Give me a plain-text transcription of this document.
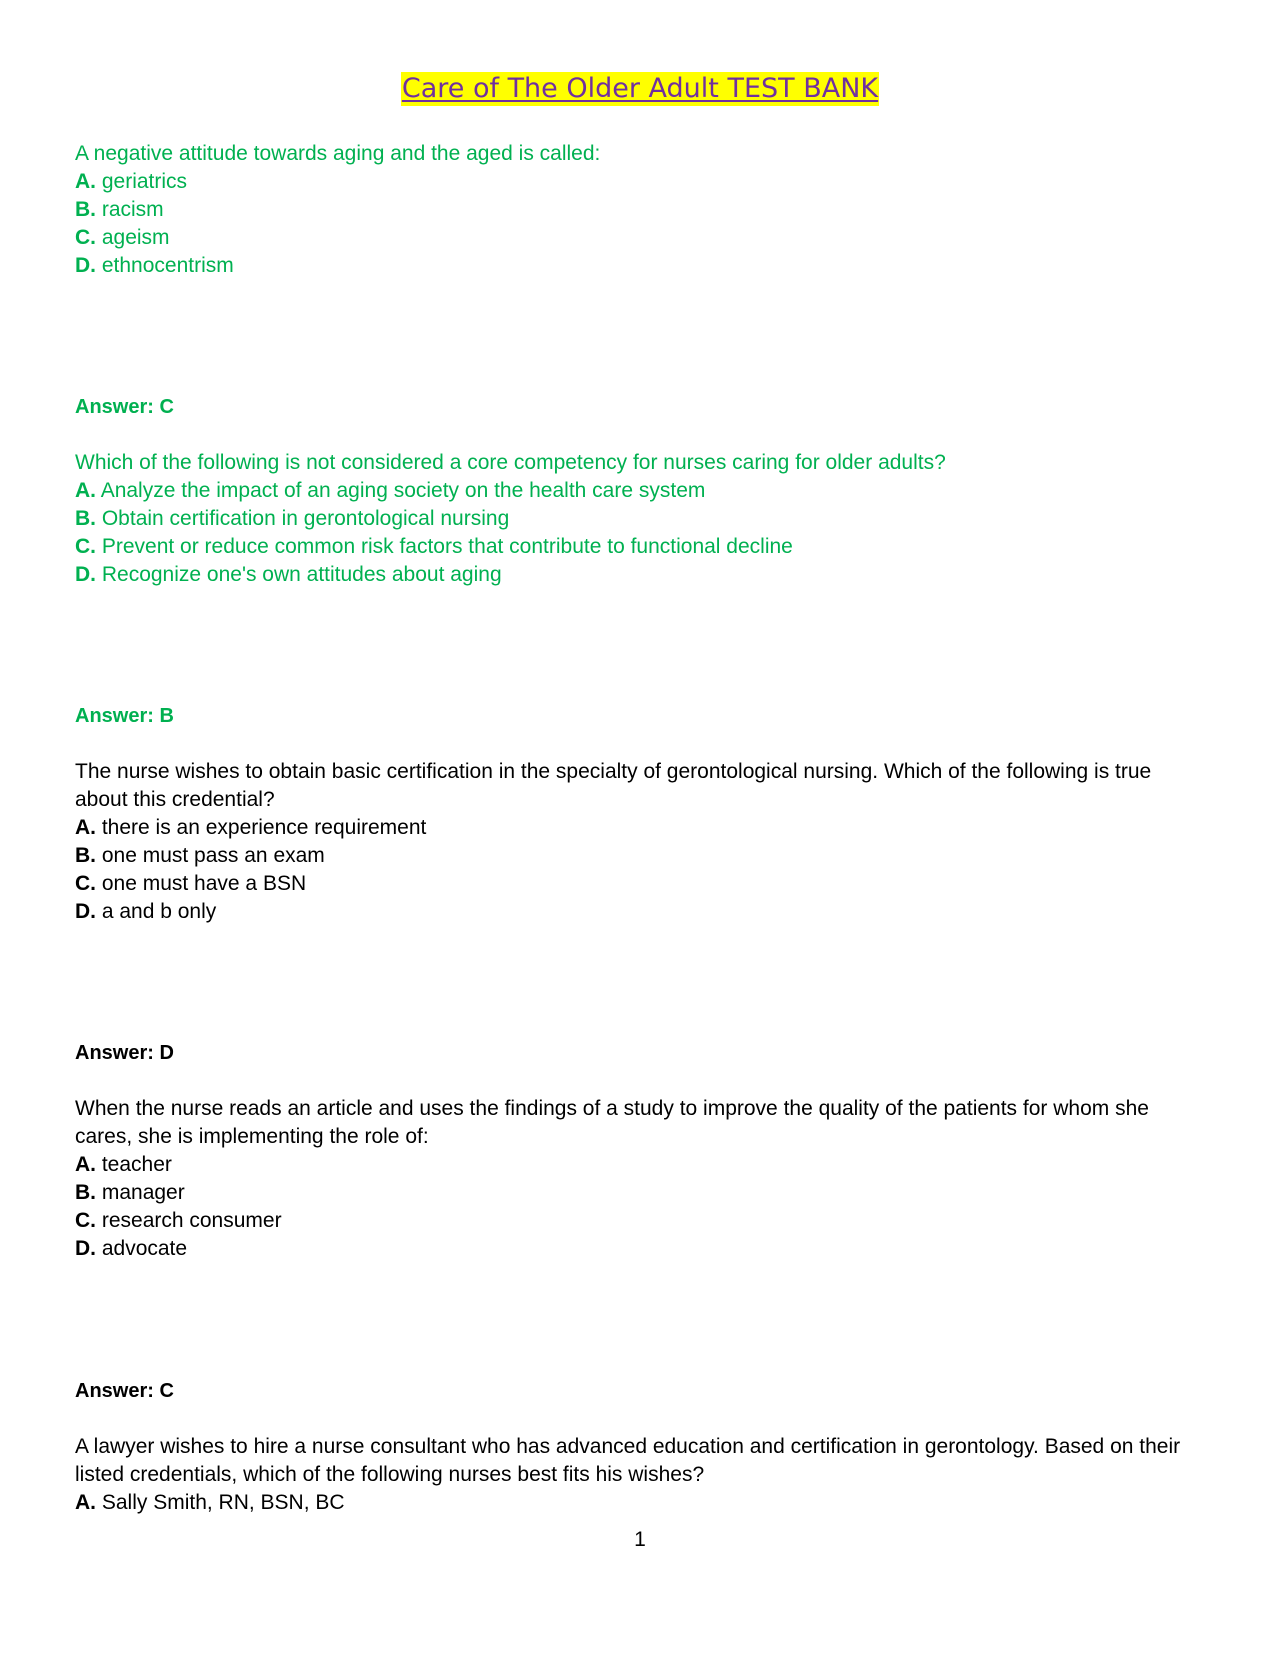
Care of The Older Adult TEST BANK

A negative attitude towards aging and the aged is called:

A. geriatrics

B. racism

C. ageism

D. ethnocentrism

Answer: C

Which of the following is not considered a core competency for nurses caring for older adults?

A. Analyze the impact of an aging society on the health care system

B. Obtain certification in gerontological nursing

C. Prevent or reduce common risk factors that contribute to functional decline

D. Recognize one's own attitudes about aging

Answer: B

The nurse wishes to obtain basic certification in the specialty of gerontological nursing. Which of the following is true about this credential?

A. there is an experience requirement

B. one must pass an exam

C. one must have a BSN

D. a and b only

Answer: D

When the nurse reads an article and uses the findings of a study to improve the quality of the patients for whom she cares, she is implementing the role of:

A. teacher

B. manager

C. research consumer

D. advocate

Answer: C

A lawyer wishes to hire a nurse consultant who has advanced education and certification in gerontology. Based on their listed credentials, which of the following nurses best fits his wishes?

A. Sally Smith, RN, BSN, BC

1
